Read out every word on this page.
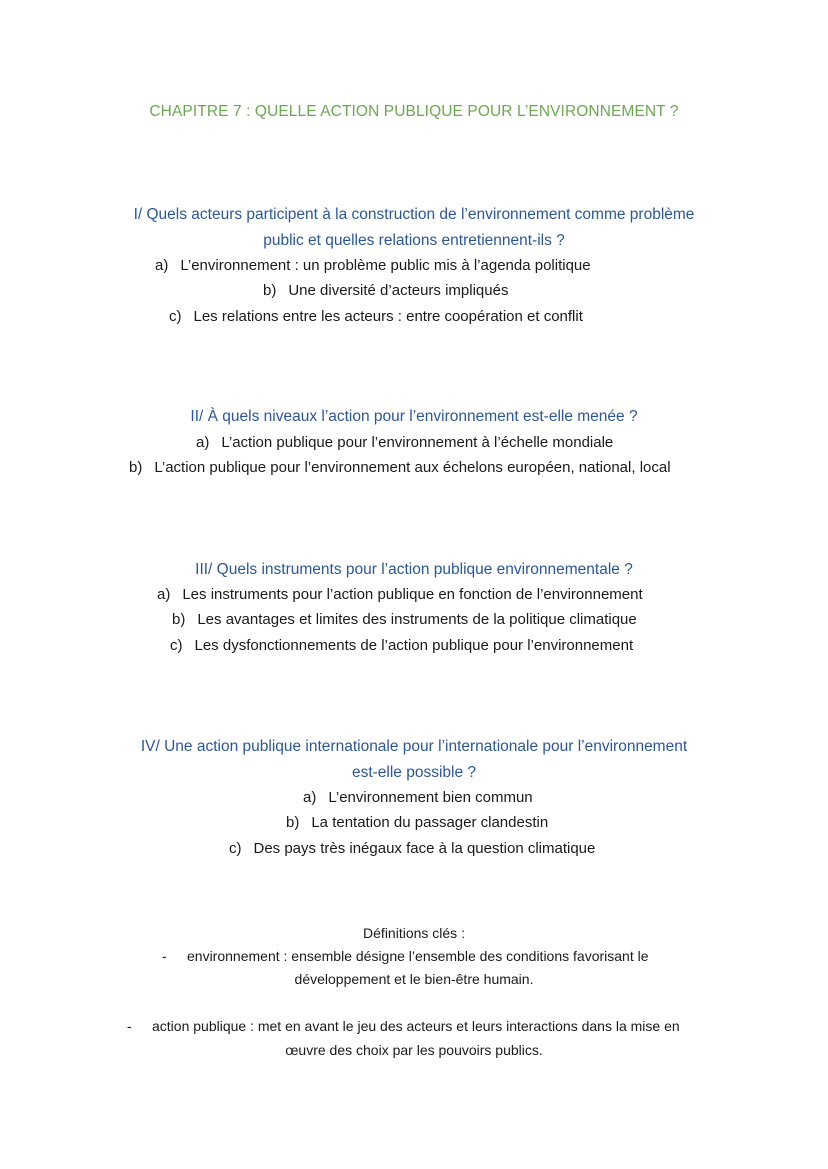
CHAPITRE 7 : QUELLE ACTION PUBLIQUE POUR L’ENVIRONNEMENT ?
I/ Quels acteurs participent à la construction de l’environnement comme problème
public et quelles relations entretiennent-ils ?
a) L’environnement : un problème public mis à l’agenda politique
b) Une diversité d’acteurs impliqués
c) Les relations entre les acteurs : entre coopération et conflit
II/ À quels niveaux l’action pour l’environnement est-elle menée ?
a) L’action publique pour l’environnement à l’échelle mondiale
b) L’action publique pour l’environnement aux échelons européen, national, local
III/ Quels instruments pour l’action publique environnementale ?
a) Les instruments pour l’action publique en fonction de l’environnement
b) Les avantages et limites des instruments de la politique climatique
c) Les dysfonctionnements de l’action publique pour l’environnement
IV/ Une action publique internationale pour l’internationale pour l’environnement
est-elle possible ?
a) L’environnement bien commun
b) La tentation du passager clandestin
c) Des pays très inégaux face à la question climatique
Définitions clés :
- environnement : ensemble désigne l’ensemble des conditions favorisant le
développement et le bien-être humain.
- action publique : met en avant le jeu des acteurs et leurs interactions dans la mise en
œuvre des choix par les pouvoirs publics.
